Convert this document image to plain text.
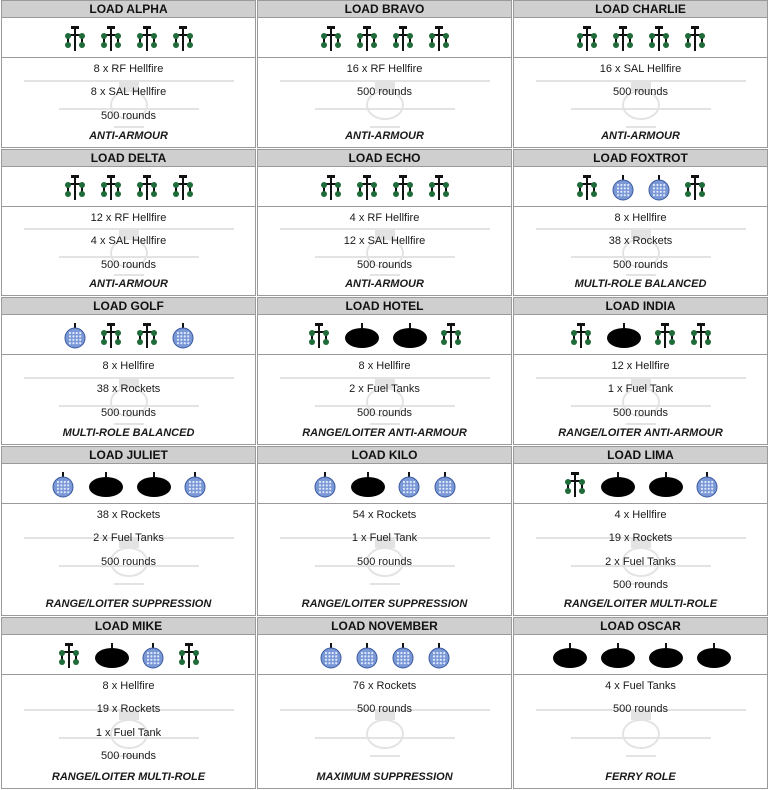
LOAD ALPHA
8 x RF Hellfire
8 x SAL Hellfire
500 rounds
ANTI-ARMOUR
LOAD DELTA
12 x RF Hellfire
4 x SAL Hellfire
500 rounds
ANTI-ARMOUR
LOAD GOLF
8 x Hellfire
38 x Rockets
500 rounds
MULTI-ROLE BALANCED
LOAD JULIET
38 x Rockets
2 x Fuel Tanks
500 rounds
RANGE/LOITER SUPPRESSION
LOAD MIKE
8 x Hellfire
19 x Rockets
1 x Fuel Tank
500 rounds
RANGE/LOITER MULTI-ROLE
LOAD BRAVO
16 x RF Hellfire
500 rounds
ANTI-ARMOUR
LOAD ECHO
4 x RF Hellfire
12 x SAL Hellfire
500 rounds
ANTI-ARMOUR
LOAD HOTEL
8 x Hellfire
2 x Fuel Tanks
500 rounds
RANGE/LOITER ANTI-ARMOUR
LOAD KILO
54 x Rockets
1 x Fuel Tank
500 rounds
RANGE/LOITER SUPPRESSION
LOAD NOVEMBER
76 x Rockets
500 rounds
MAXIMUM SUPPRESSION
LOAD CHARLIE
16 x SAL Hellfire
500 rounds
ANTI-ARMOUR
LOAD FOXTROT
8 x Hellfire
38 x Rockets
500 rounds
MULTI-ROLE BALANCED
LOAD INDIA
12 x Hellfire
1 x Fuel Tank
500 rounds
RANGE/LOITER ANTI-ARMOUR
LOAD LIMA
4 x Hellfire
19 x Rockets
2 x Fuel Tanks
500 rounds
RANGE/LOITER MULTI-ROLE
LOAD OSCAR
4 x Fuel Tanks
500 rounds
FERRY ROLE
